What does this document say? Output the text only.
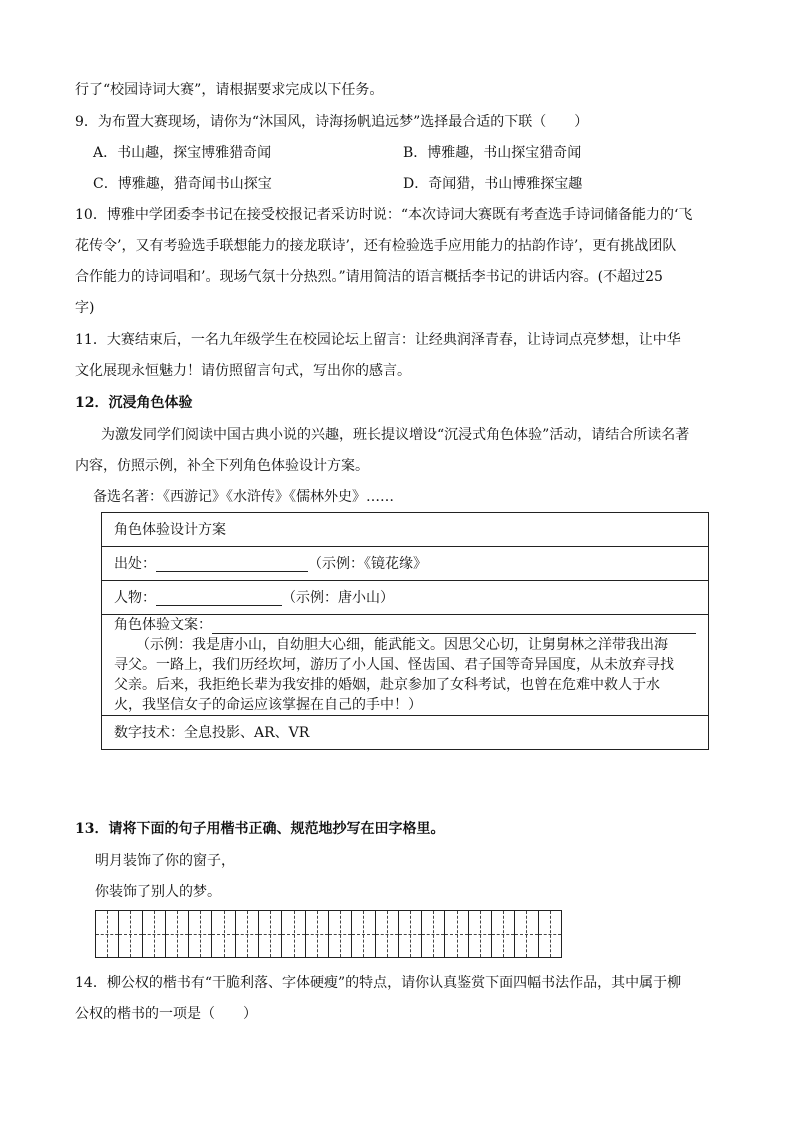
行了“校园诗词大赛”，请根据要求完成以下任务。
9．为布置大赛现场，请你为“沐国风，诗海扬帆追远梦”选择最合适的下联（　　）
A．书山趣，探宝博雅猎奇闻	B．博雅趣，书山探宝猎奇闻
C．博雅趣，猎奇闻书山探宝	D．奇闻猎，书山博雅探宝趣
10．博雅中学团委李书记在接受校报记者采访时说：“本次诗词大赛既有考查选手诗词储备能力的‘飞
花传令’，又有考验选手联想能力的接龙联诗’，还有检验选手应用能力的拈韵作诗’，更有挑战团队
合作能力的诗词唱和’。现场气氛十分热烈。”请用简洁的语言概括李书记的讲话内容。(不超过25
字)
11．大赛结束后，一名九年级学生在校园论坛上留言：让经典润泽青春，让诗词点亮梦想，让中华
文化展现永恒魅力！请仿照留言句式，写出你的感言。
12．沉浸角色体验
为激发同学们阅读中国古典小说的兴趣，班长提议增设“沉浸式角色体验”活动，请结合所读名著
内容，仿照示例，补全下列角色体验设计方案。
备选名著：《西游记》《水浒传》《儒林外史》……
角色体验设计方案
出处：	（示例：《镜花缘》
人物：	（示例：唐小山）

角色体验文案：
（示例：我是唐小山，自幼胆大心细，能武能文。因思父心切，让舅舅林之洋带我出海
寻父。一路上，我们历经坎坷，游历了小人国、怪齿国、君子国等奇异国度，从未放弃寻找
父亲。后来，我拒绝长辈为我安排的婚姻，赴京参加了女科考试，也曾在危难中救人于水
火，我坚信女子的命运应该掌握在自己的手中！）

数字技术：全息投影、AR、VR
13．请将下面的句子用楷书正确、规范地抄写在田字格里。
明月装饰了你的窗子，
你装饰了别人的梦。
14．柳公权的楷书有“干脆利落、字体硬瘦”的特点，请你认真鉴赏下面四幅书法作品，其中属于柳
公权的楷书的一项是（　　）
